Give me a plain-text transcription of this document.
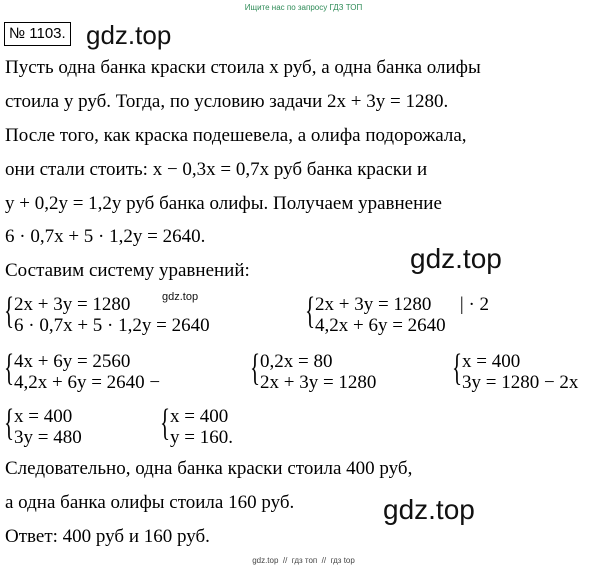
Ищите нас по запросу ГДЗ ТОП
№ 1103. gdz.top
Пусть одна банка краски стоила x руб, а одна банка олифы
стоила y руб. Тогда, по условию задачи 2x + 3y = 1280.
После того, как краска подешевела, а олифа подорожала,
они стали стоить: x − 0,3x = 0,7x руб банка краски и
y + 0,2y = 1,2y руб банка олифы. Получаем уравнение
6 · 0,7x + 5 · 1,2y = 2640.
gdz.top
Составим систему уравнений:
{ 2x + 3y = 1280
6 · 0,7x + 5 · 1,2y = 2640
gdz.top	{ 2x + 3y = 1280      | · 2
4,2x + 6y = 2640
{ 4x + 6y = 2560
4,2x + 6y = 2640 − { 0,2x = 80
2x + 3y = 1280 { x = 400
3y = 1280 − 2x
{ x = 400
3y = 480 { x = 400
y = 160.
Следовательно, одна банка краски стоила 400 руб,
а одна банка олифы стоила 160 руб.	gdz.top
Ответ: 400 руб и 160 руб.
gdz.top  //  гдз топ  //  гдз top
